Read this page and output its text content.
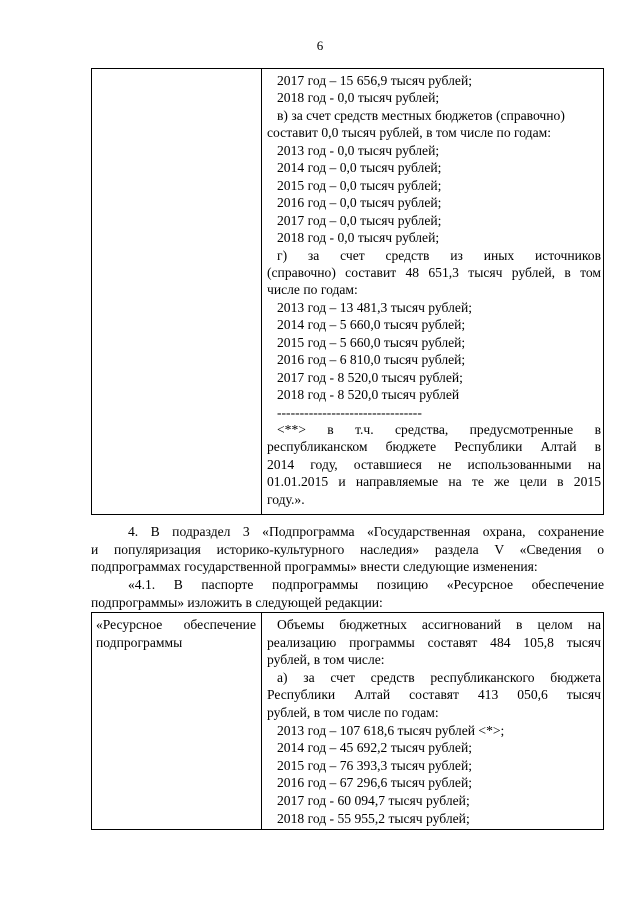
6
2017 год – 15 656,9 тысяч рублей;
2018 год - 0,0 тысяч рублей;
в) за счет средств местных бюджетов (справочно)
составит 0,0 тысяч рублей, в том числе по годам:
2013 год - 0,0 тысяч рублей;
2014 год – 0,0 тысяч рублей;
2015 год – 0,0 тысяч рублей;
2016 год – 0,0 тысяч рублей;
2017 год – 0,0 тысяч рублей;
2018 год - 0,0 тысяч рублей;
г) за счет средств из иных источников
(справочно) составит 48 651,3 тысяч рублей, в том
числе по годам:
2013 год – 13 481,3 тысяч рублей;
2014 год – 5 660,0 тысяч рублей;
2015 год – 5 660,0 тысяч рублей;
2016 год – 6 810,0 тысяч рублей;
2017 год - 8 520,0 тысяч рублей;
2018 год - 8 520,0 тысяч рублей
--------------------------------
<**> в т.ч. средства, предусмотренные в
республиканском бюджете Республики Алтай в
2014 году, оставшиеся не использованными на
01.01.2015 и направляемые на те же цели в 2015
году.».
4. В подраздел 3 «Подпрограмма «Государственная охрана, сохранение
и популяризация историко-культурного наследия» раздела V «Сведения о
подпрограммах государственной программы» внести следующие изменения:
«4.1. В паспорте подпрограммы позицию «Ресурсное обеспечение
подпрограммы» изложить в следующей редакции:
«Ресурсное обеспечение
подпрограммы
Объемы бюджетных ассигнований в целом на
реализацию программы составят 484 105,8 тысяч
рублей, в том числе:
а) за счет средств республиканского бюджета
Республики Алтай составят 413 050,6 тысяч
рублей, в том числе по годам:
2013 год – 107 618,6 тысяч рублей <*>;
2014 год – 45 692,2 тысяч рублей;
2015 год – 76 393,3 тысяч рублей;
2016 год – 67 296,6 тысяч рублей;
2017 год - 60 094,7 тысяч рублей;
2018 год - 55 955,2 тысяч рублей;
